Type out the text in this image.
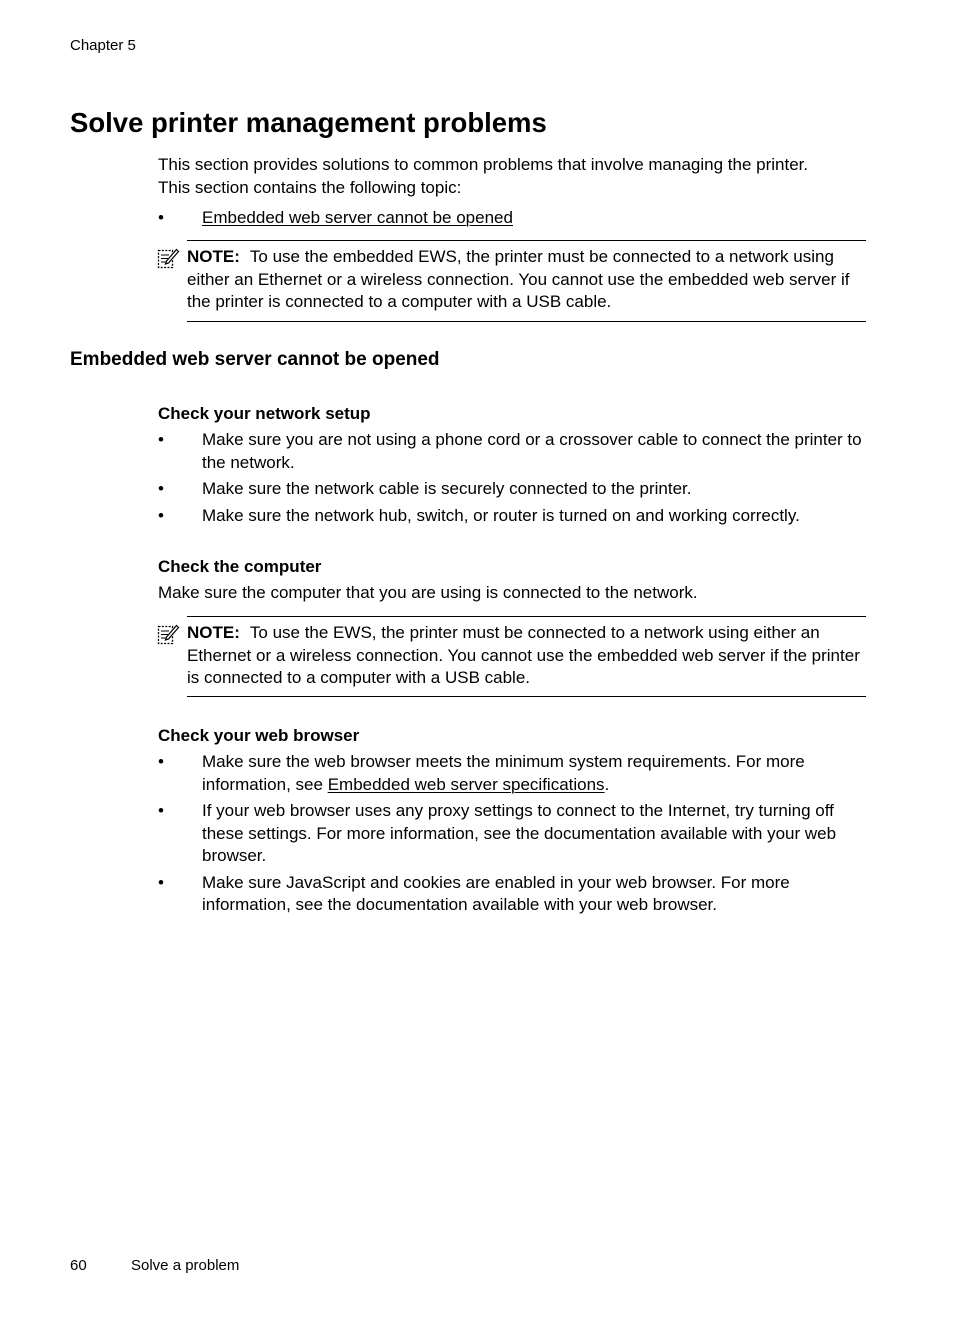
Chapter 5
Solve printer management problems

This section provides solutions to common problems that involve managing the printer.

This section contains the following topic:

•	Embedded web server cannot be opened
NOTE: To use the embedded EWS, the printer must be connected to a network using either an Ethernet or a wireless connection. You cannot use the embedded web server if the printer is connected to a computer with a USB cable.
Embedded web server cannot be opened
Check your network setup
•	Make sure you are not using a phone cord or a crossover cable to connect the printer to the network.
•	Make sure the network cable is securely connected to the printer.
•	Make sure the network hub, switch, or router is turned on and working correctly.
Check the computer
Make sure the computer that you are using is connected to the network.
NOTE: To use the EWS, the printer must be connected to a network using either an Ethernet or a wireless connection. You cannot use the embedded web server if the printer is connected to a computer with a USB cable.
Check your web browser
•	Make sure the web browser meets the minimum system requirements. For more information, see Embedded web server specifications.
•	If your web browser uses any proxy settings to connect to the Internet, try turning off these settings. For more information, see the documentation available with your web browser.
•	Make sure JavaScript and cookies are enabled in your web browser. For more information, see the documentation available with your web browser.
60	Solve a problem
